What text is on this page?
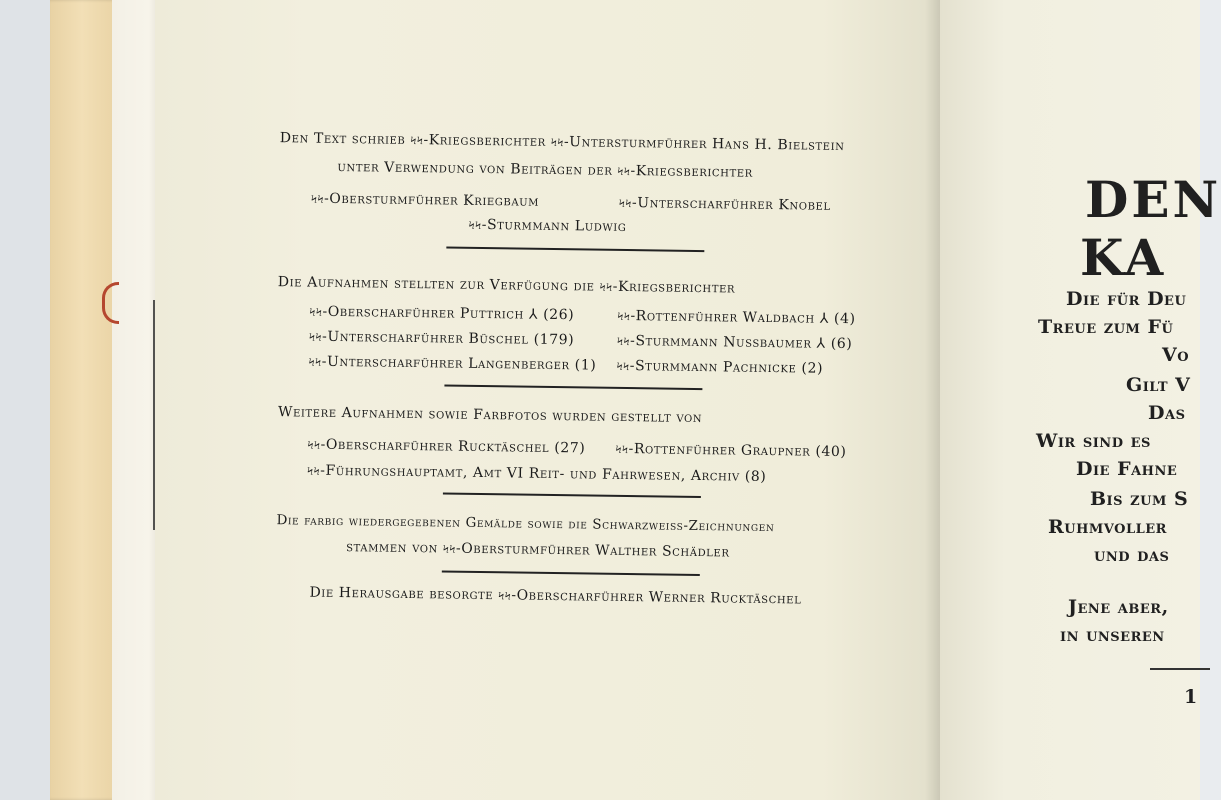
Den Text schrieb ϟϟ-Kriegsberichter ϟϟ-Untersturmführer Hans H. Bielstein
unter Verwendung von Beiträgen der ϟϟ-Kriegsberichter
ϟϟ-Obersturmführer Kriegbaum	ϟϟ-Unterscharführer Knobel
ϟϟ-Sturmmann Ludwig
Die Aufnahmen stellten zur Verfügung die ϟϟ-Kriegsberichter
ϟϟ-Oberscharführer Puttrich ⅄ (26)	ϟϟ-Rottenführer Waldbach ⅄ (4)
ϟϟ-Unterscharführer Büschel (179)	ϟϟ-Sturmmann Nussbaumer ⅄ (6)
ϟϟ-Unterscharführer Langenberger (1) ϟϟ-Sturmmann Pachnicke (2)
Weitere Aufnahmen sowie Farbfotos wurden gestellt von
ϟϟ-Oberscharführer Rucktäschel (27) ϟϟ-Rottenführer Graupner (40)
ϟϟ-Führungshauptamt, Amt VI Reit- und Fahrwesen, Archiv (8)
Die farbig wiedergegebenen Gemälde sowie die Schwarzweiss-Zeichnungen
stammen von ϟϟ-Obersturmführer Walther Schädler
Die Herausgabe besorgte ϟϟ-Oberscharführer Werner Rucktäschel
DEN
KA
Die für Deu
Treue zum Fü
Vo
Gilt V
Das
Wir sind es
Die Fahne
Bis zum S
Ruhmvoller
und das
Jene aber,
in unseren
1
